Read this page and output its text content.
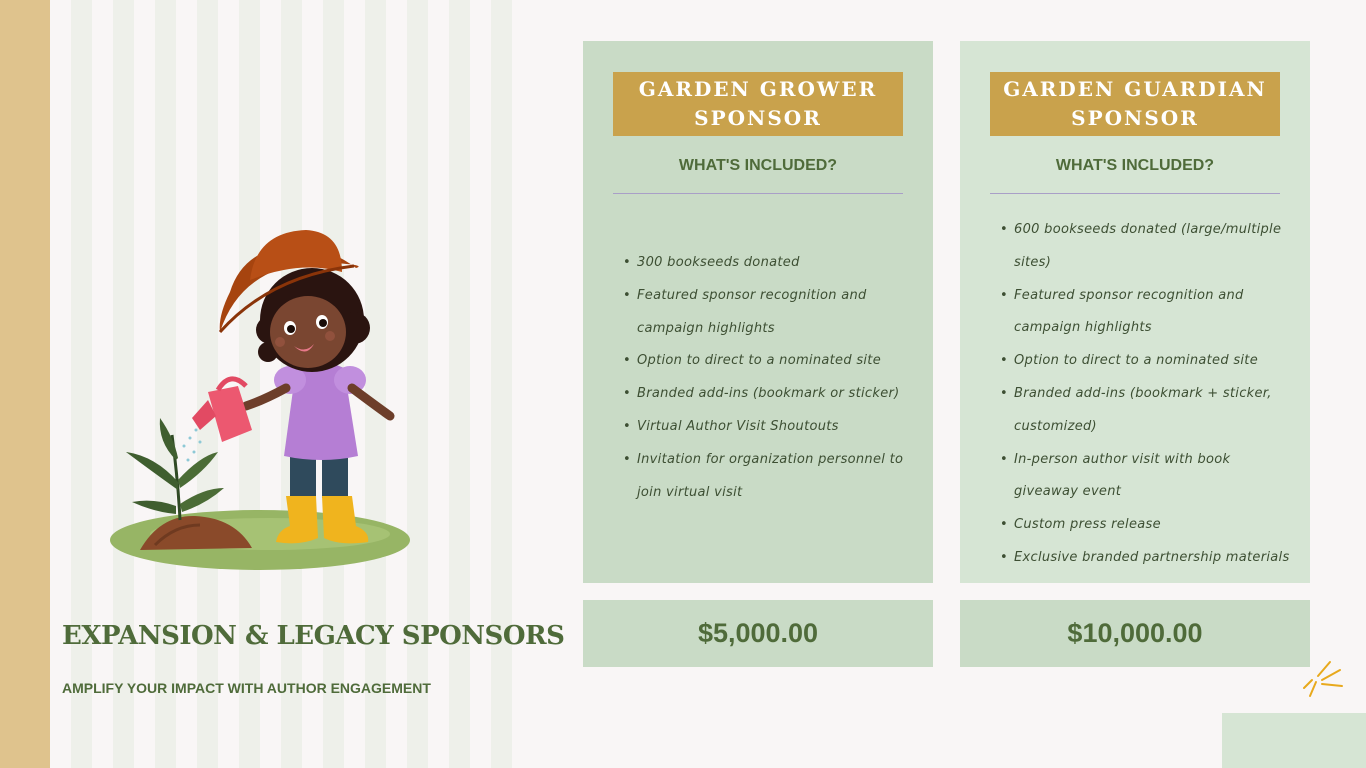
EXPANSION & LEGACY SPONSORS
AMPLIFY YOUR IMPACT WITH AUTHOR ENGAGEMENT
GARDEN GROWER SPONSOR
WHAT'S INCLUDED?
• 300 bookseeds donated
• Featured sponsor recognition and campaign highlights
• Option to direct to a nominated site
• Branded add-ins (bookmark or sticker)
• Virtual Author Visit Shoutouts
• Invitation for organization personnel to join virtual visit
GARDEN GUARDIAN SPONSOR
WHAT'S INCLUDED?
• 600 bookseeds donated (large/multiple sites)
• Featured sponsor recognition and campaign highlights
• Option to direct to a nominated site
• Branded add-ins (bookmark + sticker, customized)
• In-person author visit with book giveaway event
• Custom press release
• Exclusive branded partnership materials
$5,000.00	$10,000.00
